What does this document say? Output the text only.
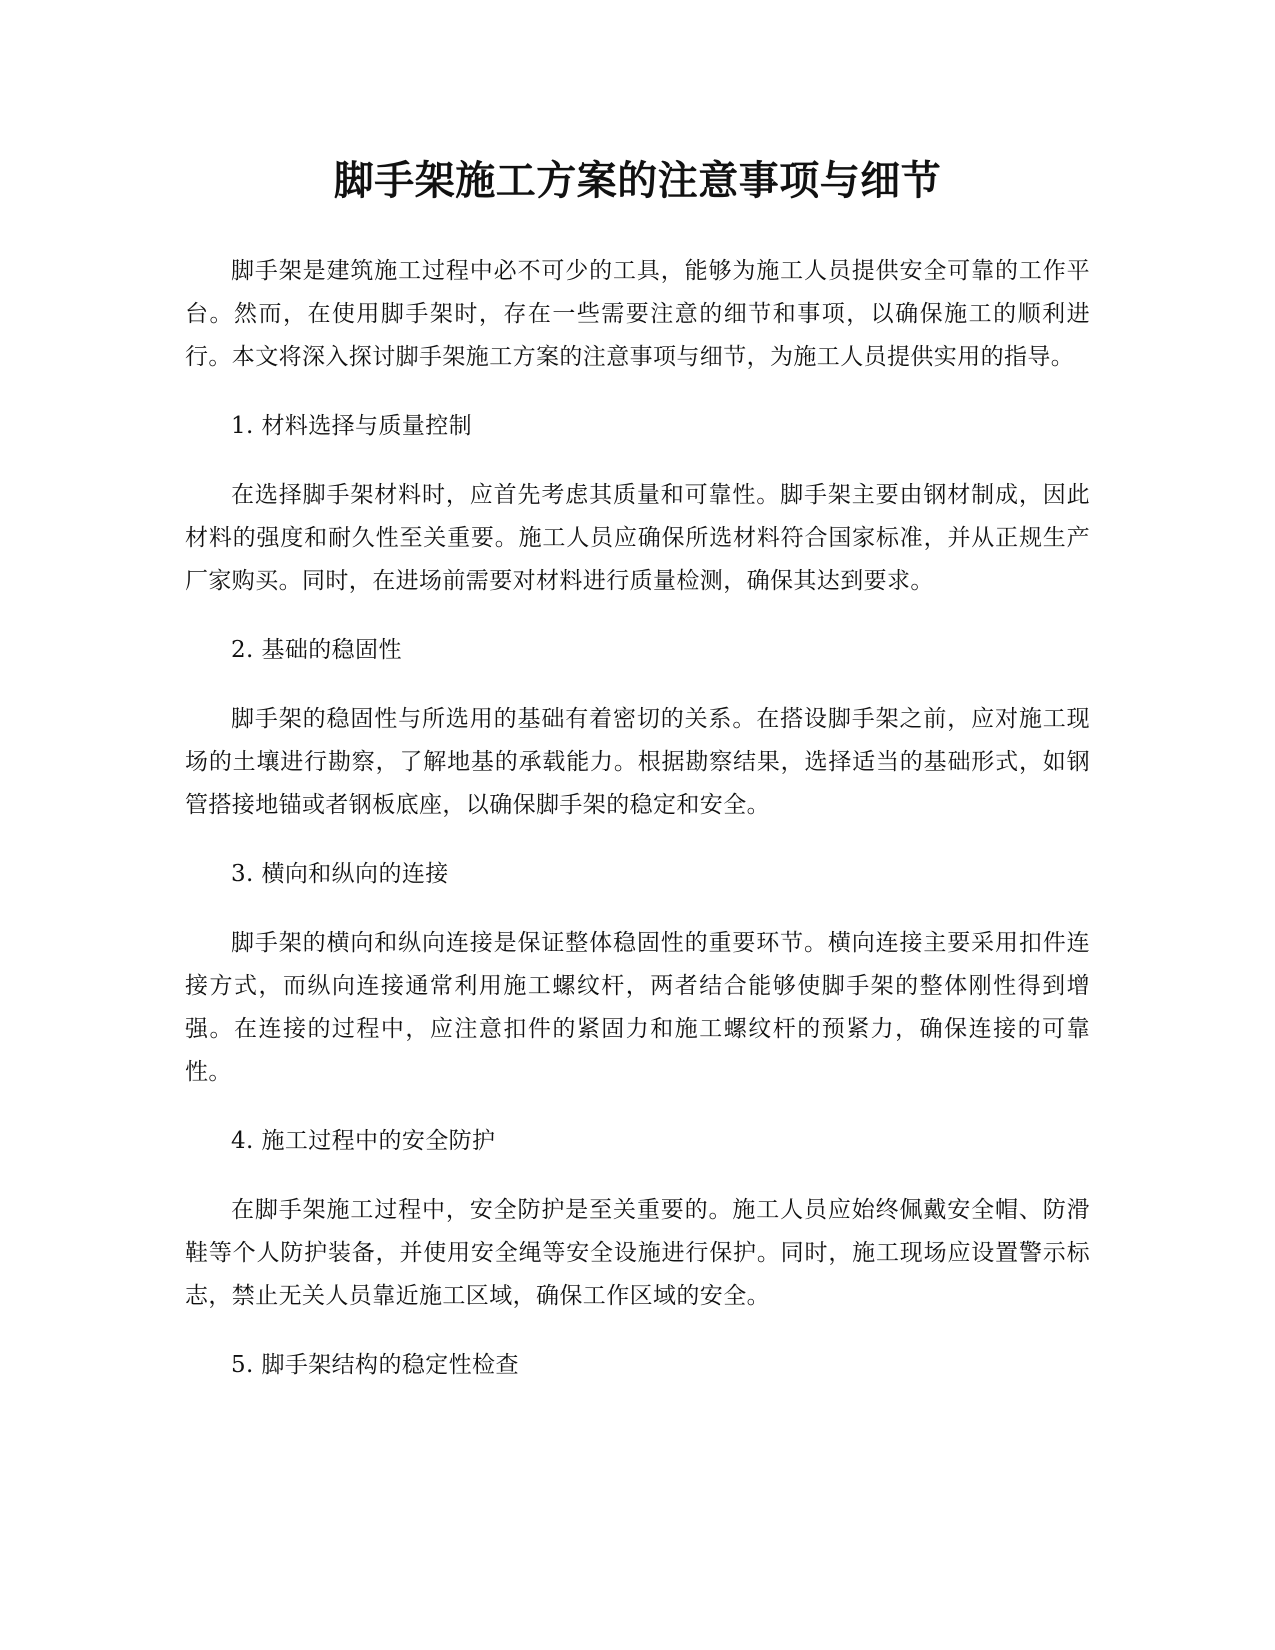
脚手架施工方案的注意事项与细节

脚手架是建筑施工过程中必不可少的工具，能够为施工人员提供安全可靠的工作平台。然而，在使用脚手架时，存在一些需要注意的细节和事项，以确保施工的顺利进行。本文将深入探讨脚手架施工方案的注意事项与细节，为施工人员提供实用的指导。

1. 材料选择与质量控制

在选择脚手架材料时，应首先考虑其质量和可靠性。脚手架主要由钢材制成，因此材料的强度和耐久性至关重要。施工人员应确保所选材料符合国家标准，并从正规生产厂家购买。同时，在进场前需要对材料进行质量检测，确保其达到要求。

2. 基础的稳固性

脚手架的稳固性与所选用的基础有着密切的关系。在搭设脚手架之前，应对施工现场的土壤进行勘察，了解地基的承载能力。根据勘察结果，选择适当的基础形式，如钢管搭接地锚或者钢板底座，以确保脚手架的稳定和安全。

3. 横向和纵向的连接

脚手架的横向和纵向连接是保证整体稳固性的重要环节。横向连接主要采用扣件连接方式，而纵向连接通常利用施工螺纹杆，两者结合能够使脚手架的整体刚性得到增强。在连接的过程中，应注意扣件的紧固力和施工螺纹杆的预紧力，确保连接的可靠性。

4. 施工过程中的安全防护

在脚手架施工过程中，安全防护是至关重要的。施工人员应始终佩戴安全帽、防滑鞋等个人防护装备，并使用安全绳等安全设施进行保护。同时，施工现场应设置警示标志，禁止无关人员靠近施工区域，确保工作区域的安全。

5. 脚手架结构的稳定性检查
